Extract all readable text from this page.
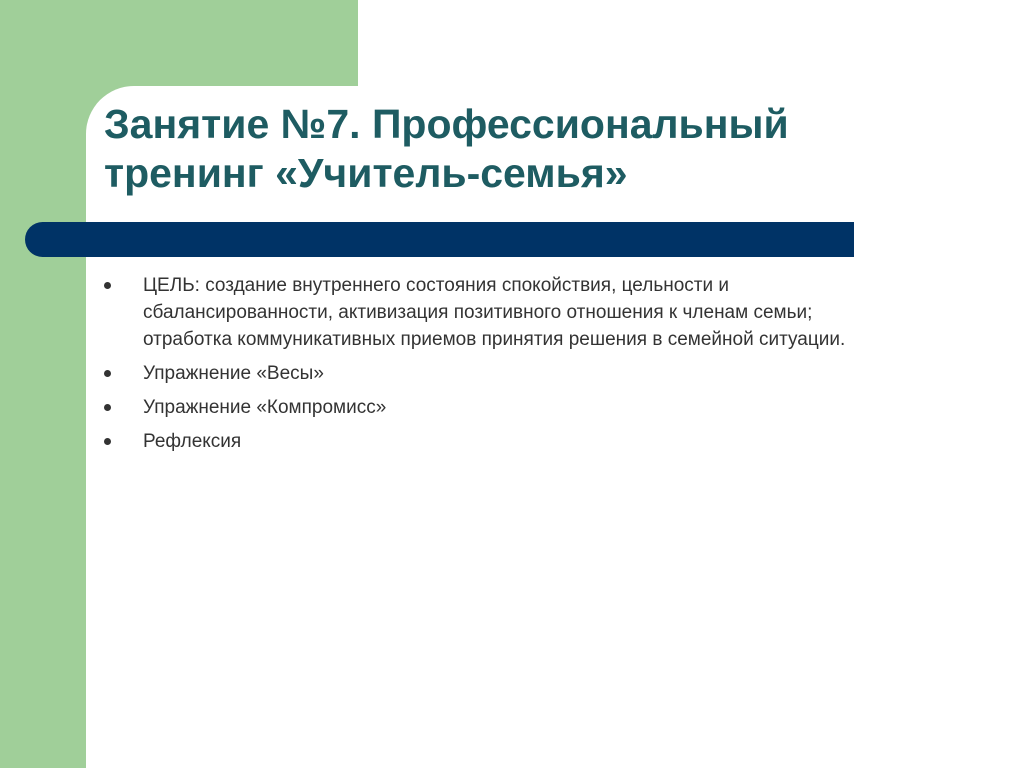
Занятие №7. Профессиональный
тренинг «Учитель-семья»
ЦЕЛЬ: создание внутреннего состояния спокойствия, цельности и сбалансированности, активизация позитивного отношения к членам семьи; отработка коммуникативных приемов принятия решения в семейной ситуации.
Упражнение «Весы»
Упражнение «Компромисс»
Рефлексия
